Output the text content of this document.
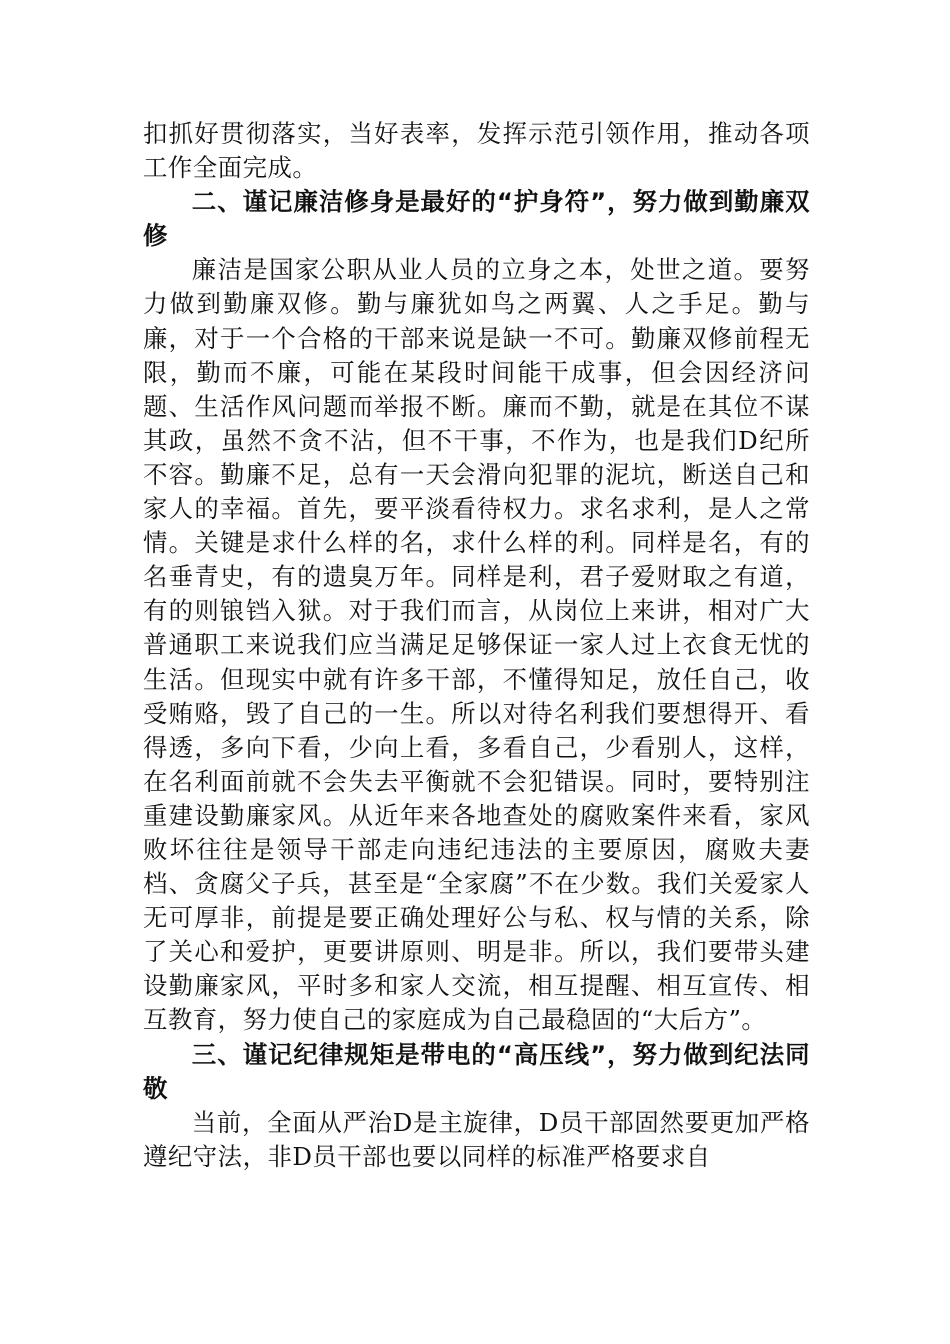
扣抓好贯彻落实，当好表率，发挥示范引领作用，推动各项工作全面完成。

二、谨记廉洁修身是最好的“护身符”，努力做到勤廉双修

廉洁是国家公职从业人员的立身之本，处世之道。要努力做到勤廉双修。勤与廉犹如鸟之两翼、人之手足。勤与廉，对于一个合格的干部来说是缺一不可。勤廉双修前程无限，勤而不廉，可能在某段时间能干成事，但会因经济问题、生活作风问题而举报不断。廉而不勤，就是在其位不谋其政，虽然不贪不沾，但不干事，不作为，也是我们D纪所不容。勤廉不足，总有一天会滑向犯罪的泥坑，断送自己和家人的幸福。首先，要平淡看待权力。求名求利，是人之常情。关键是求什么样的名，求什么样的利。同样是名，有的名垂青史，有的遗臭万年。同样是利，君子爱财取之有道，有的则锒铛入狱。对于我们而言，从岗位上来讲，相对广大普通职工来说我们应当满足足够保证一家人过上衣食无忧的生活。但现实中就有许多干部，不懂得知足，放任自己，收受贿赂，毁了自己的一生。所以对待名利我们要想得开、看得透，多向下看，少向上看，多看自己，少看别人，这样，在名利面前就不会失去平衡就不会犯错误。同时，要特别注重建设勤廉家风。从近年来各地查处的腐败案件来看，家风败坏往往是领导干部走向违纪违法的主要原因，腐败夫妻档、贪腐父子兵，甚至是“全家腐”不在少数。我们关爱家人无可厚非，前提是要正确处理好公与私、权与情的关系，除了关心和爱护，更要讲原则、明是非。所以，我们要带头建设勤廉家风，平时多和家人交流，相互提醒、相互宣传、相互教育，努力使自己的家庭成为自己最稳固的“大后方”。

三、谨记纪律规矩是带电的“高压线”，努力做到纪法同敬

当前，全面从严治D是主旋律，D员干部固然要更加严格遵纪守法，非D员干部也要以同样的标准严格要求自
